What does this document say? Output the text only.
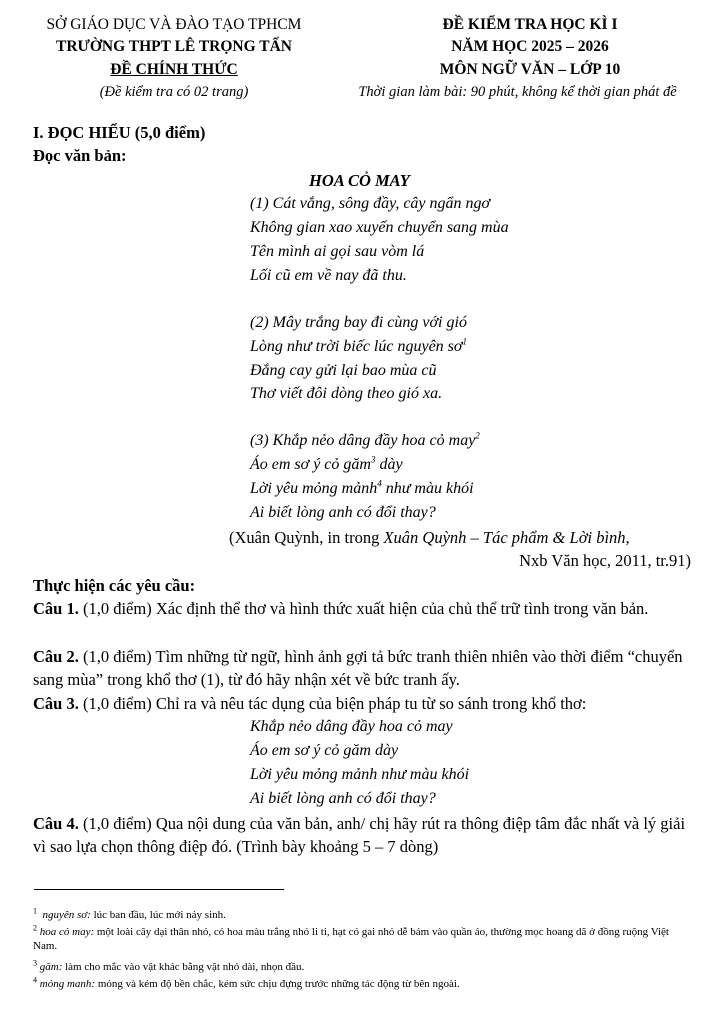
SỞ GIÁO DỤC VÀ ĐÀO TẠO TPHCM
TRƯỜNG THPT LÊ TRỌNG TẤN
ĐỀ CHÍNH THỨC
(Đề kiểm tra có 02 trang)
ĐỀ KIỂM TRA HỌC KÌ I
NĂM HỌC 2025 – 2026
MÔN NGỮ VĂN – LỚP 10
Thời gian làm bài: 90 phút, không kể thời gian phát đề
I. ĐỌC HIỂU (5,0 điểm)
Đọc văn bản:
HOA CỎ MAY
(1) Cát vắng, sông đầy, cây ngẩn ngơ
Không gian xao xuyến chuyển sang mùa
Tên mình ai gọi sau vòm lá
Lối cũ em về nay đã thu.
(2) Mây trắng bay đi cùng với gió
Lòng như trời biếc lúc nguyên $sơ^1$
Đắng cay gửi lại bao mùa cũ
Thơ viết đôi dòng theo gió xa.
(3) Khắp nẻo dâng đầy hoa cỏ may$^2$
Áo em sơ ý cỏ găm$^3$ dày
Lời yêu mỏng mảnh$^4$ như màu khói
Ai biết lòng anh có đổi thay?
(Xuân Quỳnh, in trong Xuân Quỳnh – Tác phẩm & Lời bình,
Nxb Văn học, 2011, tr.91)
Thực hiện các yêu cầu:
Câu 1. (1,0 điểm) Xác định thể thơ và hình thức xuất hiện của chủ thể trữ tình trong văn bản.
Câu 2. (1,0 điểm) Tìm những từ ngữ, hình ảnh gợi tả bức tranh thiên nhiên vào thời điểm “chuyển sang mùa” trong khổ thơ (1), từ đó hãy nhận xét về bức tranh ấy.
Câu 3. (1,0 điểm) Chỉ ra và nêu tác dụng của biện pháp tu từ so sánh trong khổ thơ:
Khắp nẻo dâng đầy hoa cỏ may
Áo em sơ ý cỏ găm dày
Lời yêu mỏng mảnh như màu khói
Ai biết lòng anh có đổi thay?
Câu 4. (1,0 điểm) Qua nội dung của văn bản, anh/ chị hãy rút ra thông điệp tâm đắc nhất và lý giải vì sao lựa chọn thông điệp đó. (Trình bày khoảng 5 – 7 dòng)
$^1$ nguyên sơ: lúc ban đầu, lúc mới nảy sinh.
$^2$ hoa cỏ may: một loài cây dại thân nhỏ, có hoa màu trắng nhỏ li ti, hạt có gai nhỏ dễ bám vào quần áo, thường mọc hoang dã ở đồng ruộng Việt Nam.
$^3$ găm: làm cho mắc vào vật khác bằng vật nhỏ dài, nhọn đầu.
$^4$ mỏng manh: mỏng và kém độ bền chắc, kém sức chịu đựng trước những tác động từ bên ngoài.
